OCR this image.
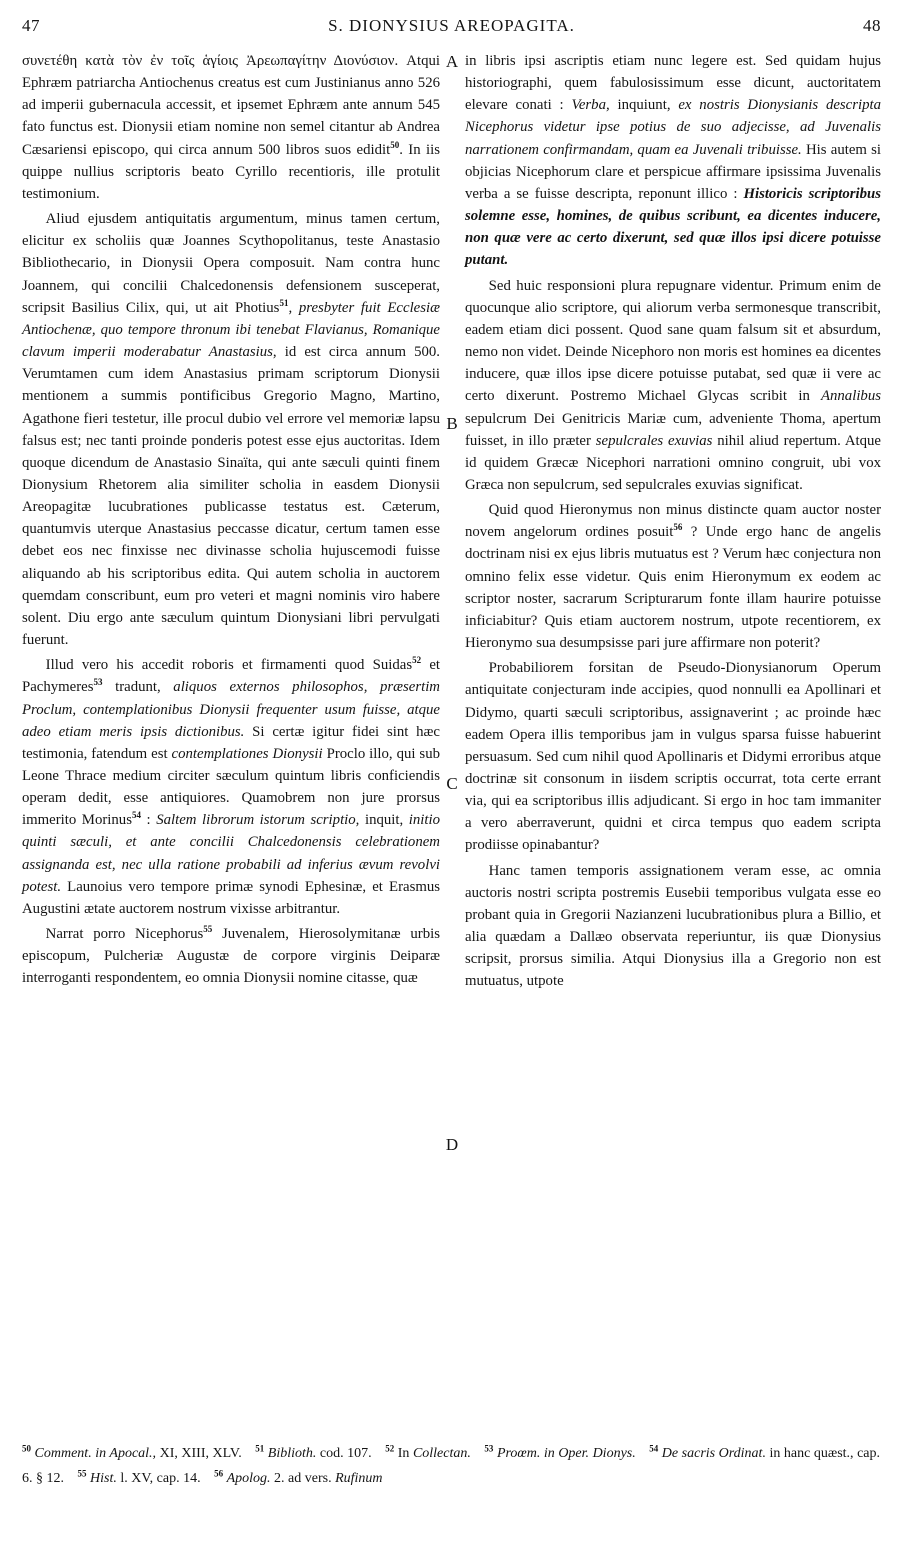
47	S. DIONYSIUS AREOPAGITA.	48

συνετέθη κατὰ τὸν ἐν τοῖς ἁγίοις Ἀρεωπαγίτην Διονύσιον. Atqui Ephræm patriarcha Antiochenus creatus est cum Justinianus anno 526 ad imperii gubernacula accessit, et ipsemet Ephræm ante annum 545 fato functus est. Dionysii etiam nomine non semel citantur ab Andrea Cæsariensi episcopo, qui circa annum 500 libros suos edidit$^{50}$. In iis quippe nullius scriptoris beato Cyrillo recentioris, ille protulit testimonium.

Aliud ejusdem antiquitatis argumentum, minus tamen certum, elicitur ex scholiis quæ Joannes Scythopolitanus, teste Anastasio Bibliothecario, in Dionysii Opera composuit. Nam contra hunc Joannem, qui concilii Chalcedonensis defensionem susceperat, scripsit Basilius Cilix, qui, ut ait Photius$^{51}$, presbyter fuit Ecclesiæ Antiochenæ, quo tempore thronum ibi tenebat Flavianus, Romanique clavum imperii moderabatur Anastasius, id est circa annum 500. Verumtamen cum idem Anastasius primam scriptorum Dionysii mentionem a summis pontificibus Gregorio Magno, Martino, Agathone fieri testetur, ille procul dubio vel errore vel memoriæ lapsu falsus est; nec tanti proinde ponderis potest esse ejus auctoritas. Idem quoque dicendum de Anastasio Sinaïta, qui ante sæculi quinti finem Dionysium Rhetorem alia similiter scholia in easdem Dionysii Areopagitæ lucubrationes publicasse testatus est. Cæterum, quantumvis uterque Anastasius peccasse dicatur, certum tamen esse debet eos nec finxisse nec divinasse scholia hujuscemodi fuisse aliquando ab his scriptoribus edita. Qui autem scholia in auctorem quemdam conscribunt, eum pro veteri et magni nominis viro habere solent. Diu ergo ante sæculum quintum Dionysiani libri pervulgati fuerunt.

Illud vero his accedit roboris et firmamenti quod Suidas$^{52}$ et Pachymeres$^{53}$ tradunt, aliquos externos philosophos, præsertim Proclum, contemplationibus Dionysii frequenter usum fuisse, atque adeo etiam meris ipsis dictionibus. Si certæ igitur fidei sint hæc testimonia, fatendum est contemplationes Dionysii Proclo illo, qui sub Leone Thrace medium circiter sæculum quintum libris conficiendis operam dedit, esse antiquiores. Quamobrem non jure prorsus immerito Morinus$^{54}$ : Saltem librorum istorum scriptio, inquit, initio quinti sæculi, et ante concilii Chalcedonensis celebrationem assignanda est, nec ulla ratione probabili ad inferius ævum revolvi potest. Launoius vero tempore primæ synodi Ephesinæ, et Erasmus Augustini ætate auctorem nostrum vixisse arbitrantur.

Narrat porro Nicephorus$^{55}$ Juvenalem, Hierosolymitanæ urbis episcopum, Pulcheriæ Augustæ de corpore virginis Deiparæ interroganti respondentem, eo omnia Dionysii nomine citasse, quæ

A
B
C
D

in libris ipsi ascriptis etiam nunc legere est. Sed quidam hujus historiographi, quem fabulosissimum esse dicunt, auctoritatem elevare conati : Verba, inquiunt, ex nostris Dionysianis descripta Nicephorus videtur ipse potius de suo adjecisse, ad Juvenalis narrationem confirmandam, quam ea Juvenali tribuisse. His autem si objicias Nicephorum clare et perspicue affirmare ipsissima Juvenalis verba a se fuisse descripta, reponunt illico : Historicis scriptoribus solemne esse, homines, de quibus scribunt, ea dicentes inducere, non quæ vere ac certo dixerunt, sed quæ illos ipsi dicere potuisse putant.

Sed huic responsioni plura repugnare videntur. Primum enim de quocunque alio scriptore, qui aliorum verba sermonesque transcribit, eadem etiam dici possent. Quod sane quam falsum sit et absurdum, nemo non videt. Deinde Nicephoro non moris est homines ea dicentes inducere, quæ illos ipse dicere potuisse putabat, sed quæ ii vere ac certo dixerunt. Postremo Michael Glycas scribit in Annalibus sepulcrum Dei Genitricis Mariæ cum, adveniente Thoma, apertum fuisset, in illo præter sepulcrales exuvias nihil aliud repertum. Atque id quidem Græcæ Nicephori narrationi omnino congruit, ubi vox Græca non sepulcrum, sed sepulcrales exuvias significat.

Quid quod Hieronymus non minus distincte quam auctor noster novem angelorum ordines posuit$^{56}$ ? Unde ergo hanc de angelis doctrinam nisi ex ejus libris mutuatus est ? Verum hæc conjectura non omnino felix esse videtur. Quis enim Hieronymum ex eodem ac scriptor noster, sacrarum Scripturarum fonte illam haurire potuisse inficiabitur? Quis etiam auctorem nostrum, utpote recentiorem, ex Hieronymo sua desumpsisse pari jure affirmare non poterit?

Probabiliorem forsitan de Pseudo-Dionysianorum Operum antiquitate conjecturam inde accipies, quod nonnulli ea Apollinari et Didymo, quarti sæculi scriptoribus, assignaverint ; ac proinde hæc eadem Opera illis temporibus jam in vulgus sparsa fuisse habuerint persuasum. Sed cum nihil quod Apollinaris et Didymi erroribus atque doctrinæ sit consonum in iisdem scriptis occurrat, tota certe errant via, qui ea scriptoribus illis adjudicant. Si ergo in hoc tam immaniter a vero aberraverunt, quidni et circa tempus quo eadem scripta prodiisse opinabantur?

Hanc tamen temporis assignationem veram esse, ac omnia auctoris nostri scripta postremis Eusebii temporibus vulgata esse eo probant quia in Gregorii Nazianzeni lucubrationibus plura a Billio, et alia quædam a Dallæo observata reperiuntur, iis quæ Dionysius scripsit, prorsus similia. Atqui Dionysius illa a Gregorio non est mutuatus, utpote

$^{50}$ Comment. in Apocal., XI, XIII, XLV. $^{51}$ Biblioth. cod. 107. $^{52}$ In Collectan. $^{53}$ Proœm. in Oper. Dionys. $^{54}$ De sacris Ordinat. in hanc quæst., cap. 6. § 12. $^{55}$ Hist. l. XV, cap. 14. $^{56}$ Apolog. 2. ad vers. Rufinum
